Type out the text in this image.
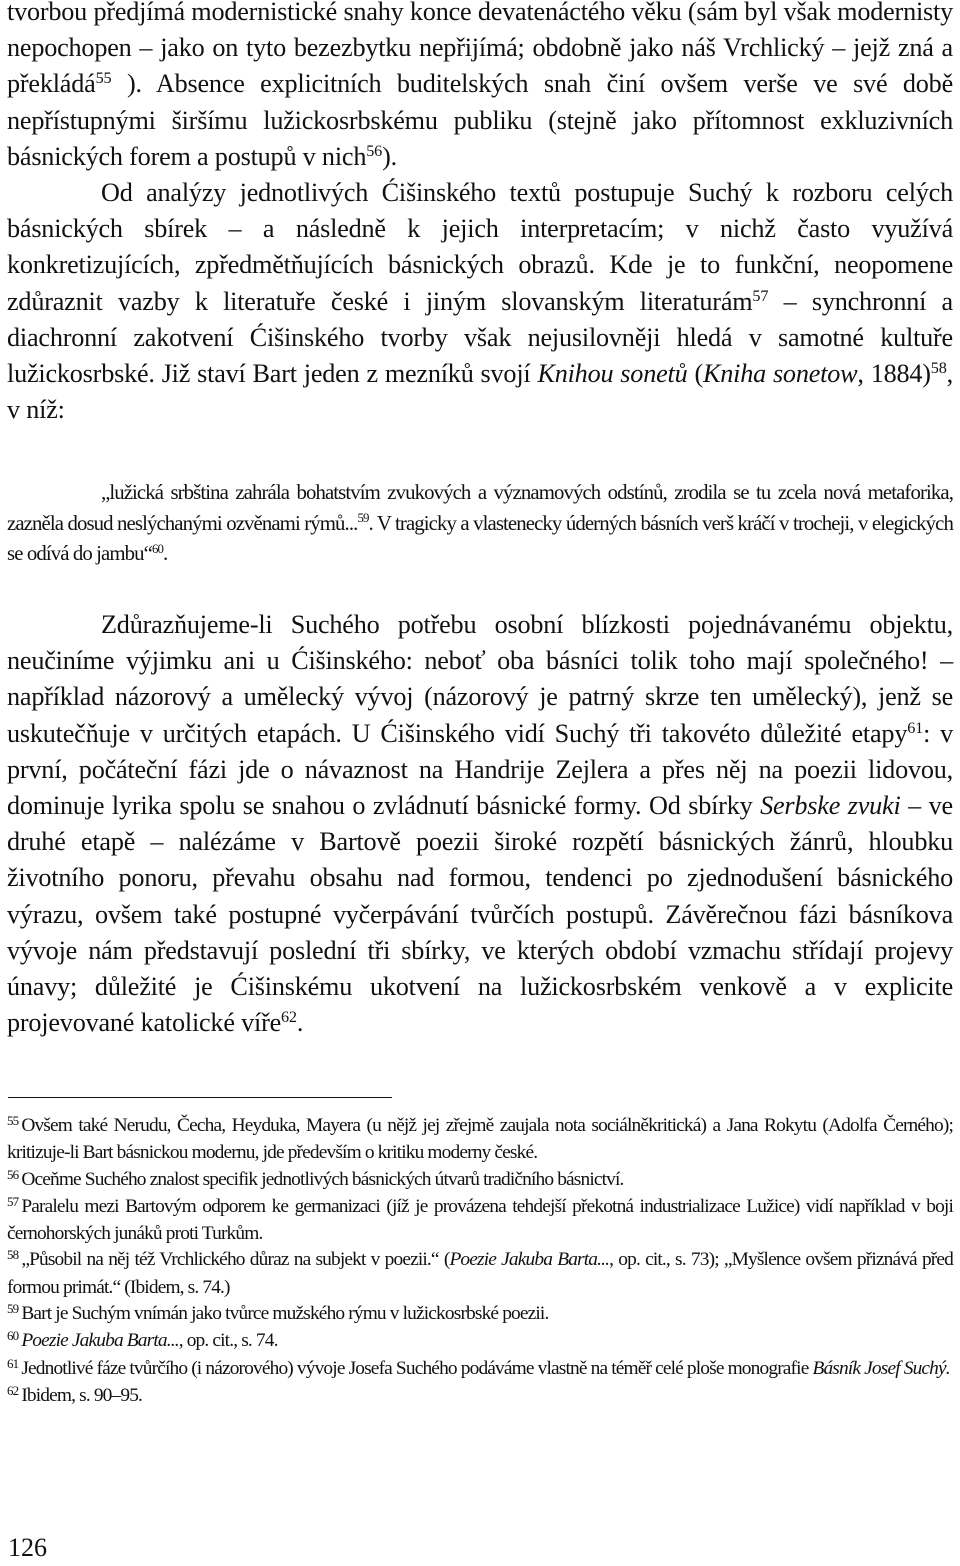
tvorbou předjímá modernistické snahy konce devatenáctého věku (sám byl však modernisty nepochopen – jako on tyto bezezbytku nepřijímá; obdobně jako náš Vrchlický – jejž zná a překládá$^{55}$ ). Absence explicitních buditelských snah činí ovšem verše ve své době nepřístupnými širšímu lužickosrbskému publiku (stejně jako přítomnost exkluzivních básnických forem a postupů v nich$^{56}$).
Od analýzy jednotlivých Ćišinského textů postupuje Suchý k rozboru celých básnických sbírek – a následně k jejich interpretacím; v nichž často využívá konkretizujících, zpředmětňujících básnických obrazů. Kde je to funkční, neopomene zdůraznit vazby k literatuře české i jiným slovanským literaturám$^{57}$ – synchronní a diachronní zakotvení Ćišinského tvorby však nejusilovněji hledá v samotné kultuře lužickosrbské. Již staví Bart jeden z mezníků svojí Knihou sonetů (Kniha sonetow, 1884)$^{58}$, v níž:

„lužická srbština zahrála bohatstvím zvukových a významových odstínů, zrodila se tu zcela nová metaforika, zazněla dosud neslýchanými ozvěnami rýmů...$^{59}$. V tragicky a vlastenecky úderných básních verš kráčí v trocheji, v elegických se odívá do jambu“$^{60}$.

Zdůrazňujeme-li Suchého potřebu osobní blízkosti pojednávanému objektu, neučiníme výjimku ani u Ćišinského: neboť oba básníci tolik toho mají společného! – například názorový a umělecký vývoj (názorový je patrný skrze ten umělecký), jenž se uskutečňuje v určitých etapách. U Ćišinského vidí Suchý tři takovéto důležité etapy$^{61}$: v první, počáteční fázi jde o návaznost na Handrije Zejlera a přes něj na poezii lidovou, dominuje lyrika spolu se snahou o zvládnutí básnické formy. Od sbírky Serbske zvuki – ve druhé etapě – nalézáme v Bartově poezii široké rozpětí básnických žánrů, hloubku životního ponoru, převahu obsahu nad formou, tendenci po zjednodušení básnického výrazu, ovšem také postupné vyčerpávání tvůrčích postupů. Závěrečnou fázi básníkova vývoje nám představují poslední tři sbírky, ve kterých období vzmachu střídají projevy únavy; důležité je Ćišinskému ukotvení na lužickosrbském venkově a v explicite projevované katolické víře$^{62}$.

$^{55}$ Ovšem také Nerudu, Čecha, Heyduka, Mayera (u nějž jej zřejmě zaujala nota sociálněkritická) a Jana Rokytu (Adolfa Černého); kritizuje-li Bart básnickou modernu, jde především o kritiku moderny české.

$^{56}$ Oceňme Suchého znalost specifik jednotlivých básnických útvarů tradičního básnictví.

$^{57}$ Paralelu mezi Bartovým odporem ke germanizaci (jíž je provázena tehdejší překotná industrializace Lužice) vidí například v boji černohorských junáků proti Turkům.

$^{58}$ „Působil na něj též Vrchlického důraz na subjekt v poezii.“ (Poezie Jakuba Barta..., op. cit., s. 73); „Myšlence ovšem přiznává před formou primát.“ (Ibidem, s. 74.)

$^{59}$ Bart je Suchým vnímán jako tvůrce mužského rýmu v lužickosrbské poezii.

$^{60}$ Poezie Jakuba Barta..., op. cit., s. 74.

$^{61}$ Jednotlivé fáze tvůrčího (i názorového) vývoje Josefa Suchého podáváme vlastně na téměř celé ploše monografie Básník Josef Suchý.

$^{62}$ Ibidem, s. 90–95.

126
